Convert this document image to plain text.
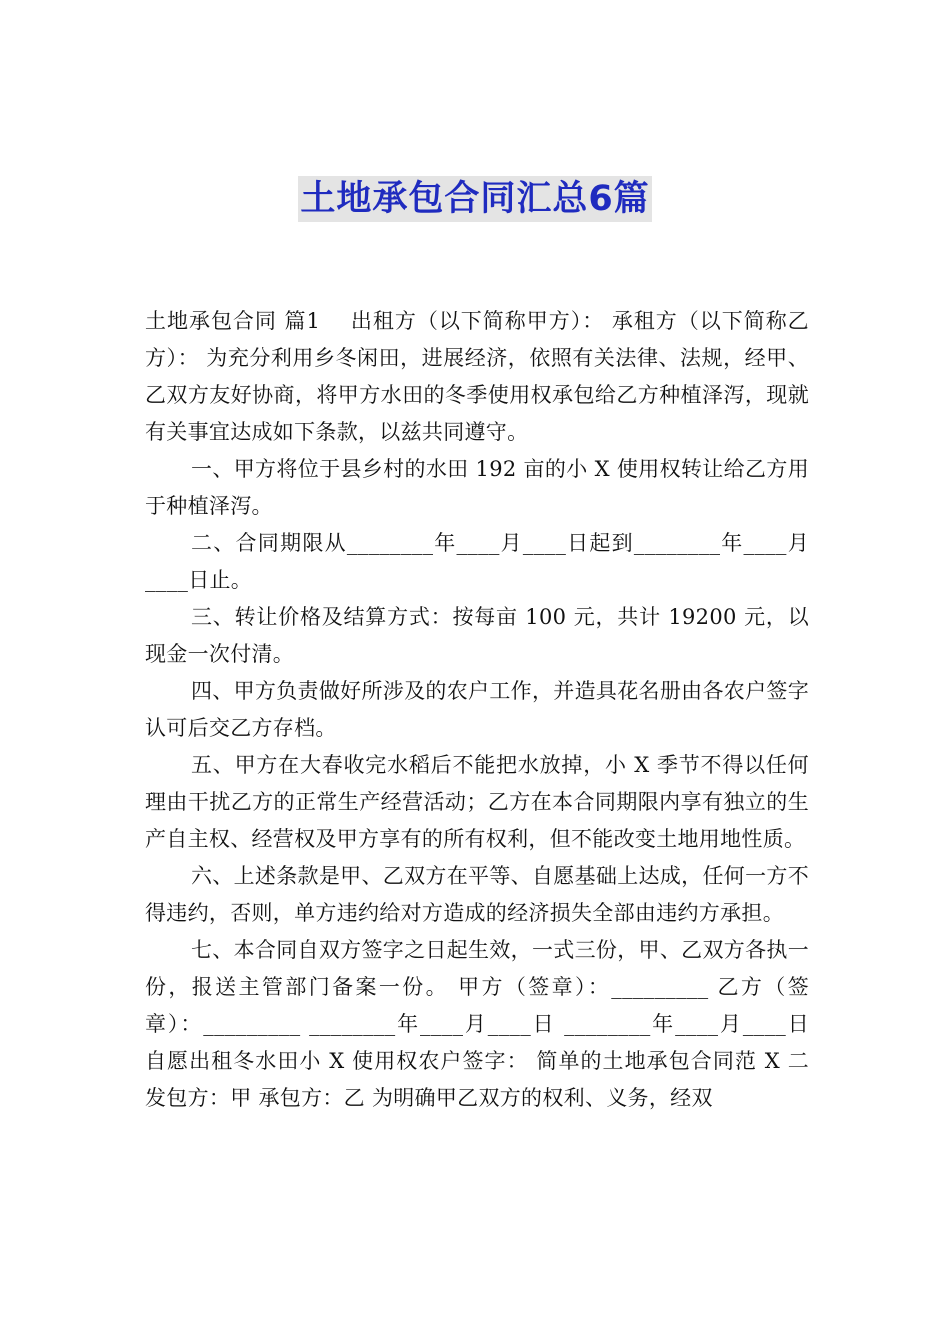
土地承包合同汇总6篇

土地承包合同 篇1 出租方（以下简称甲方）： 承租方（以下简称乙方）： 为充分利用乡冬闲田，进展经济，依照有关法律、法规，经甲、乙双方友好协商，将甲方水田的冬季使用权承包给乙方种植泽泻，现就有关事宜达成如下条款，以兹共同遵守。

一、甲方将位于县乡村的水田 192 亩的小 X 使用权转让给乙方用于种植泽泻。

二、合同期限从________年____月____日起到________年____月____日止。

三、转让价格及结算方式：按每亩 100 元，共计 19200 元，以现金一次付清。

四、甲方负责做好所涉及的农户工作，并造具花名册由各农户签字认可后交乙方存档。

五、甲方在大春收完水稻后不能把水放掉，小 X 季节不得以任何理由干扰乙方的正常生产经营活动；乙方在本合同期限内享有独立的生产自主权、经营权及甲方享有的所有权利，但不能改变土地用地性质。

六、上述条款是甲、乙双方在平等、自愿基础上达成，任何一方不得违约，否则，单方违约给对方造成的经济损失全部由违约方承担。

七、本合同自双方签字之日起生效，一式三份，甲、乙双方各执一份，报送主管部门备案一份。 甲方（签章）：_________ 乙方（签章）：_________ ________年____月____日 ________年____月____日 自愿出租冬水田小 X 使用权农户签字： 简单的土地承包合同范 X 二 发包方：甲 承包方：乙 为明确甲乙双方的权利、义务，经双
